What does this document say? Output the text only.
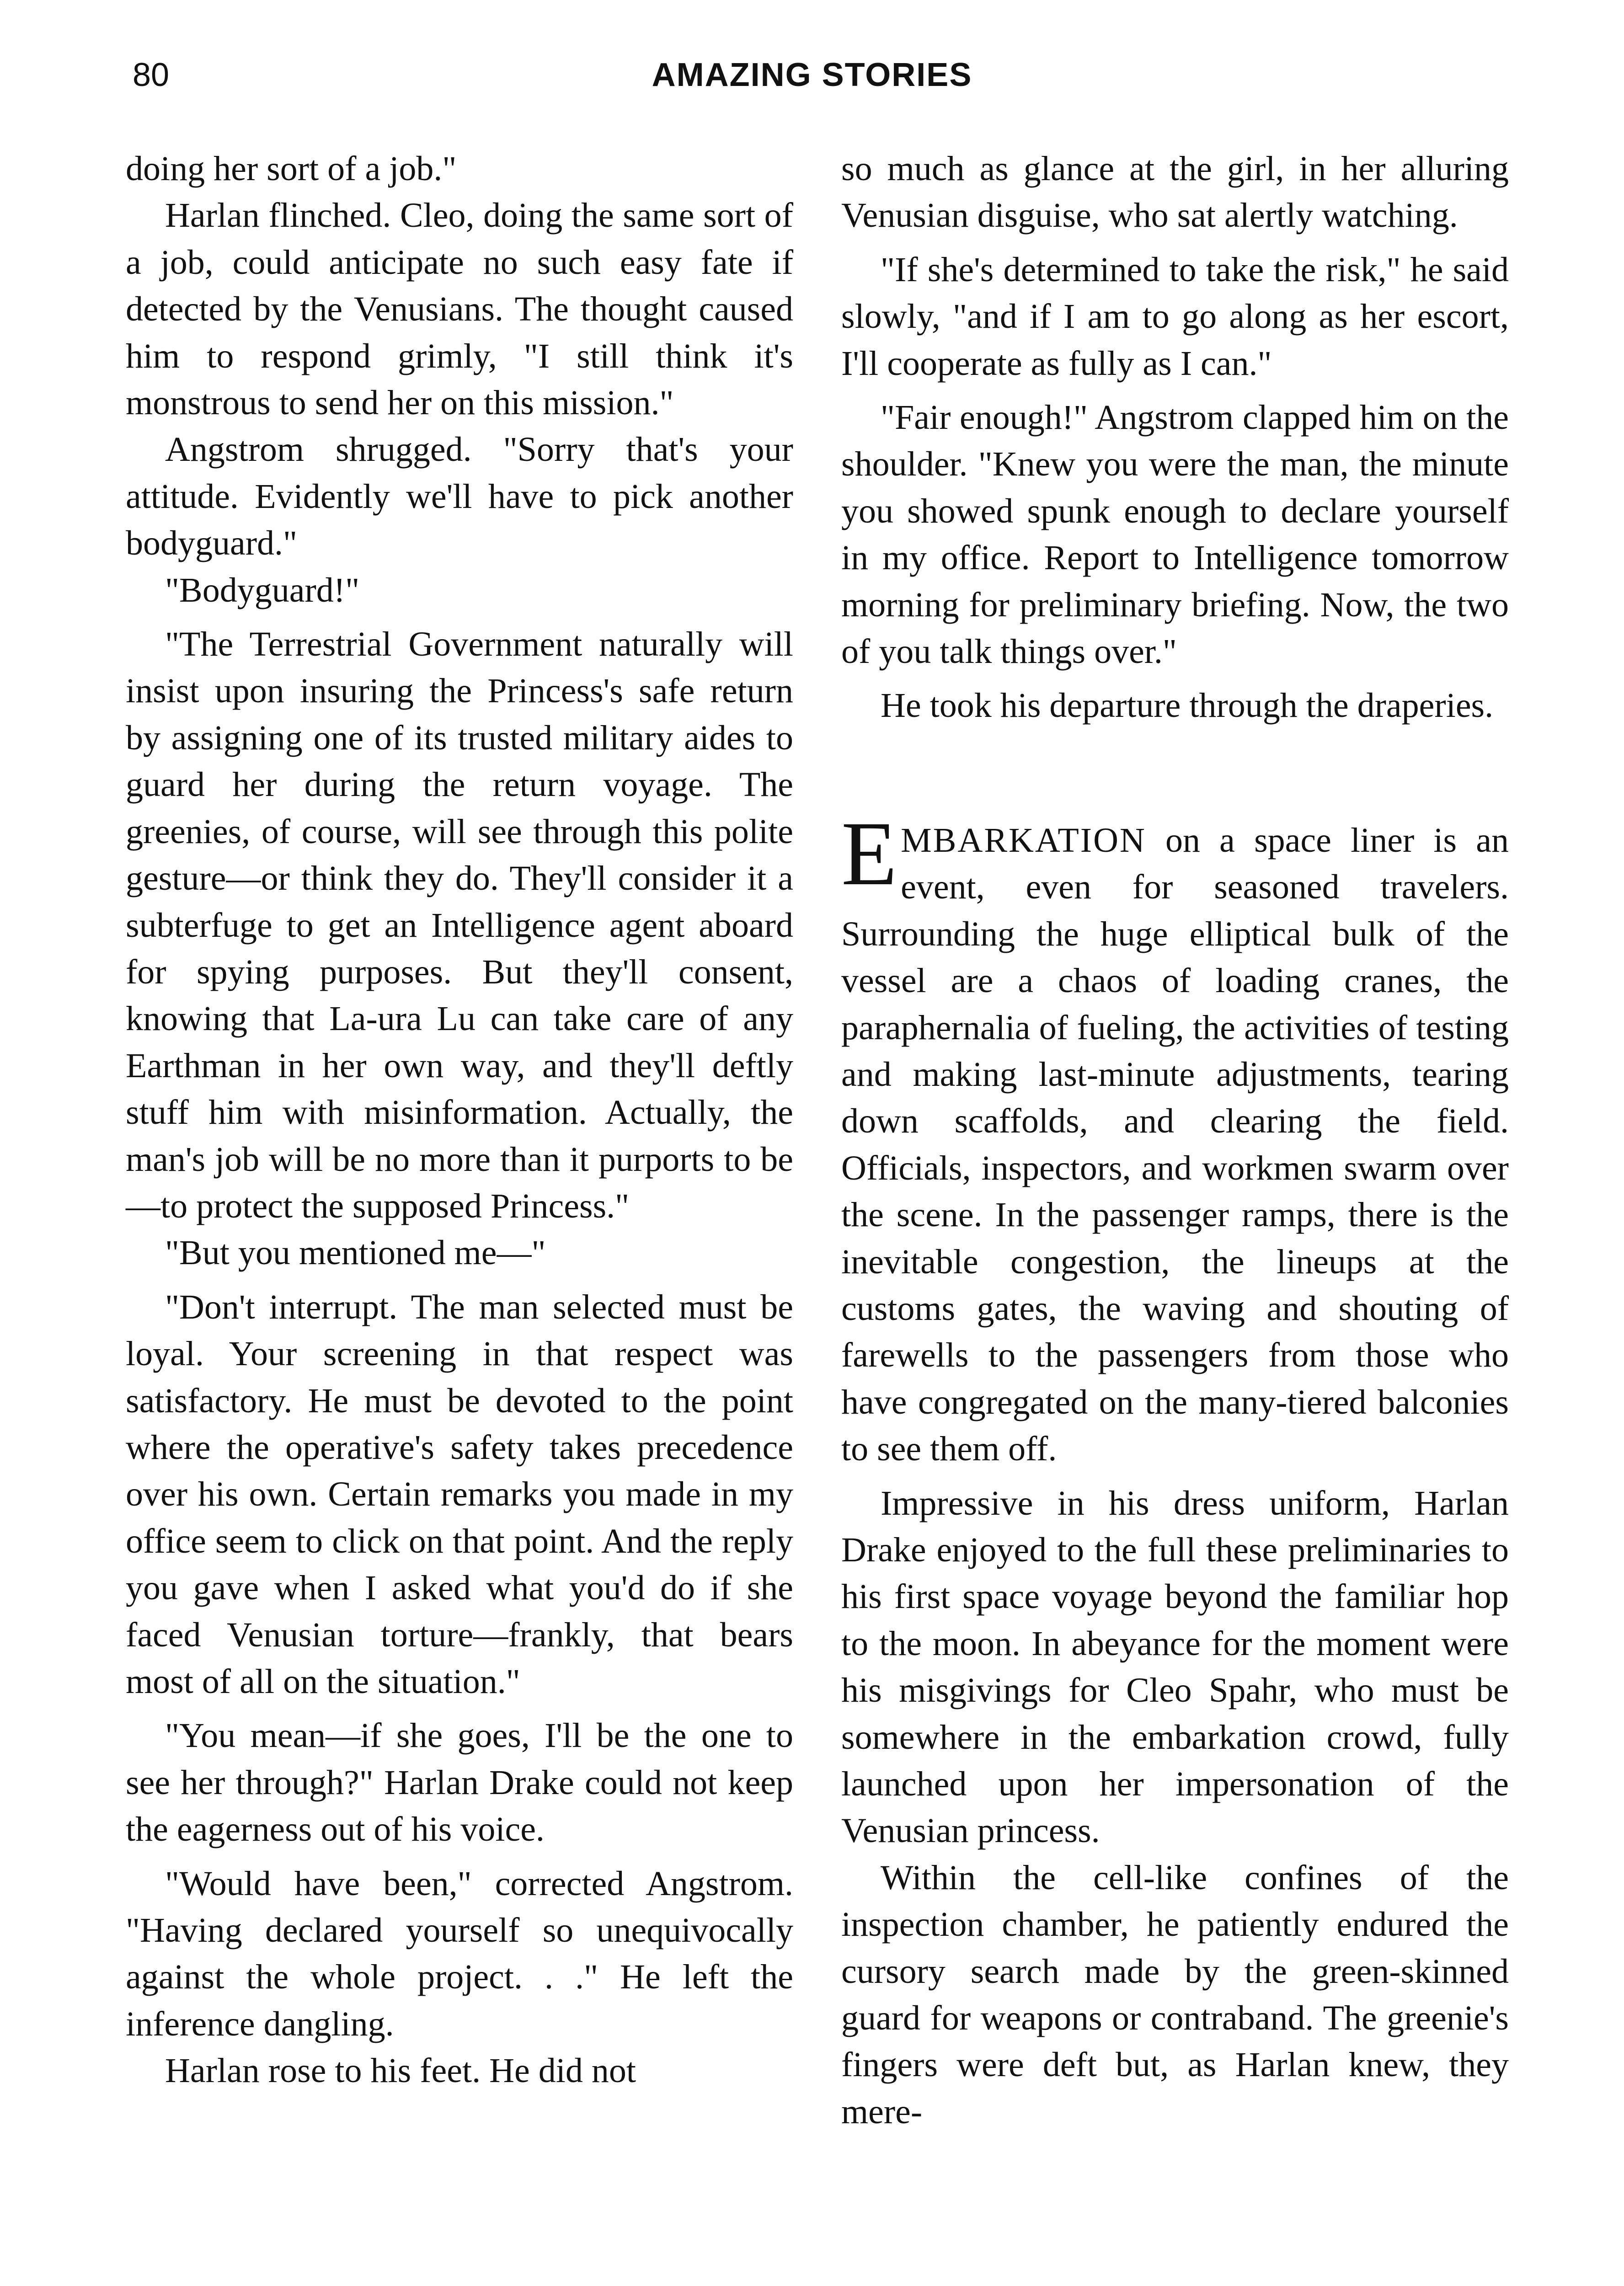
80	AMAZING STORIES

doing her sort of a job."

Harlan flinched. Cleo, doing the same sort of a job, could anticipate no such easy fate if detected by the Venusians. The thought caused him to respond grimly, "I still think it's monstrous to send her on this mission."

Angstrom shrugged. "Sorry that's your attitude. Evidently we'll have to pick another bodyguard."

"Bodyguard!"

"The Terrestrial Government naturally will insist upon insuring the Princess's safe return by assigning one of its trusted military aides to guard her during the return voyage. The greenies, of course, will see through this polite gesture—or think they do. They'll consider it a subterfuge to get an Intelligence agent aboard for spying purposes. But they'll consent, knowing that La-ura Lu can take care of any Earthman in her own way, and they'll deftly stuff him with misinformation. Actually, the man's job will be no more than it purports to be —to protect the supposed Princess."

"But you mentioned me—"

"Don't interrupt. The man selected must be loyal. Your screening in that respect was satisfactory. He must be devoted to the point where the operative's safety takes precedence over his own. Certain remarks you made in my office seem to click on that point. And the reply you gave when I asked what you'd do if she faced Venusian torture—frankly, that bears most of all on the situation."

"You mean—if she goes, I'll be the one to see her through?" Harlan Drake could not keep the eagerness out of his voice.

"Would have been," corrected Angstrom. "Having declared yourself so unequivocally against the whole project. . ." He left the inference dangling.

Harlan rose to his feet. He did not

so much as glance at the girl, in her alluring Venusian disguise, who sat alertly watching.

"If she's determined to take the risk," he said slowly, "and if I am to go along as her escort, I'll cooperate as fully as I can."

"Fair enough!" Angstrom clapped him on the shoulder. "Knew you were the man, the minute you showed spunk enough to declare yourself in my office. Report to Intelligence tomorrow morning for preliminary briefing. Now, the two of you talk things over."

He took his departure through the draperies.

EMBARKATION on a space liner is an event, even for seasoned travelers. Surrounding the huge elliptical bulk of the vessel are a chaos of loading cranes, the paraphernalia of fueling, the activities of testing and making last-minute adjustments, tearing down scaffolds, and clearing the field. Officials, inspectors, and workmen swarm over the scene. In the passenger ramps, there is the inevitable congestion, the lineups at the customs gates, the waving and shouting of farewells to the passengers from those who have congregated on the many-tiered balconies to see them off.

Impressive in his dress uniform, Harlan Drake enjoyed to the full these preliminaries to his first space voyage beyond the familiar hop to the moon. In abeyance for the moment were his misgivings for Cleo Spahr, who must be somewhere in the embarkation crowd, fully launched upon her impersonation of the Venusian princess.

Within the cell-like confines of the inspection chamber, he patiently endured the cursory search made by the green-skinned guard for weapons or contraband. The greenie's fingers were deft but, as Harlan knew, they mere-
